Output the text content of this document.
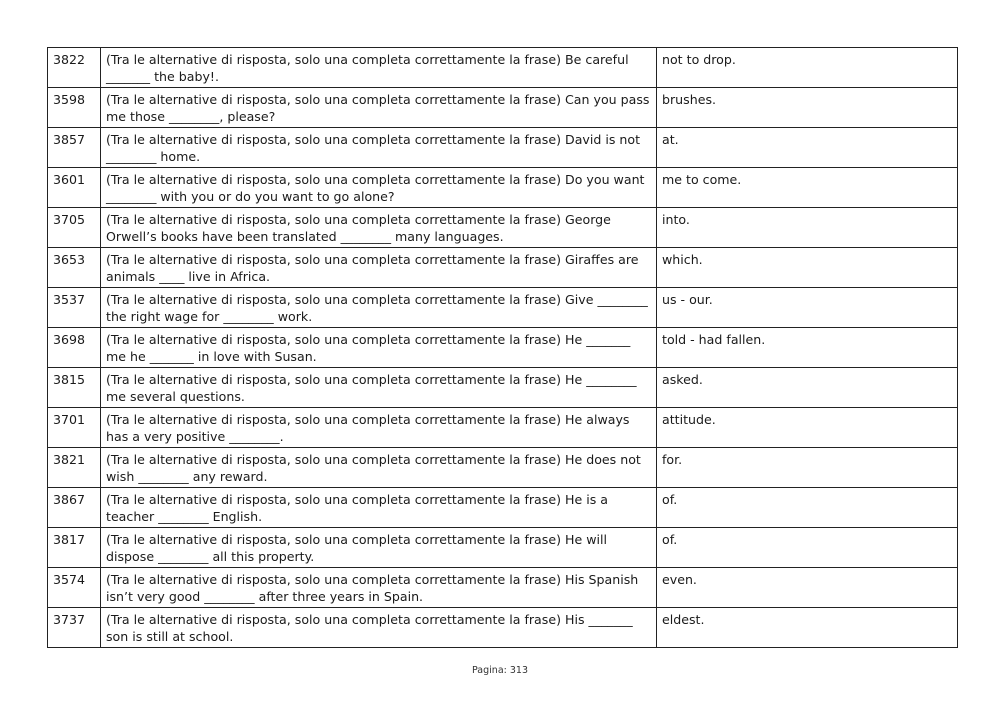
3822	(Tra le alternative di risposta, solo una completa correttamente la frase) Be careful _______ the baby!.	not to drop.
3598	(Tra le alternative di risposta, solo una completa correttamente la frase) Can you pass me those ________, please?	brushes.
3857	(Tra le alternative di risposta, solo una completa correttamente la frase) David is not ________ home.	at.
3601	(Tra le alternative di risposta, solo una completa correttamente la frase) Do you want ________ with you or do you want to go alone?	me to come.
3705	(Tra le alternative di risposta, solo una completa correttamente la frase) George Orwell’s books have been translated ________ many languages.	into.
3653	(Tra le alternative di risposta, solo una completa correttamente la frase) Giraffes are animals ____ live in Africa.	which.
3537	(Tra le alternative di risposta, solo una completa correttamente la frase) Give ________ the right wage for ________ work.	us - our.
3698	(Tra le alternative di risposta, solo una completa correttamente la frase) He _______ me he _______ in love with Susan.	told - had fallen.
3815	(Tra le alternative di risposta, solo una completa correttamente la frase) He ________ me several questions.	asked.
3701	(Tra le alternative di risposta, solo una completa correttamente la frase) He always has a very positive ________.	attitude.
3821	(Tra le alternative di risposta, solo una completa correttamente la frase) He does not wish ________ any reward.	for.
3867	(Tra le alternative di risposta, solo una completa correttamente la frase) He is a teacher ________ English.	of.
3817	(Tra le alternative di risposta, solo una completa correttamente la frase) He will dispose ________ all this property.	of.
3574	(Tra le alternative di risposta, solo una completa correttamente la frase) His Spanish isn’t very good ________ after three years in Spain.	even.
3737	(Tra le alternative di risposta, solo una completa correttamente la frase) His _______ son is still at school.	eldest.
Pagina: 313
